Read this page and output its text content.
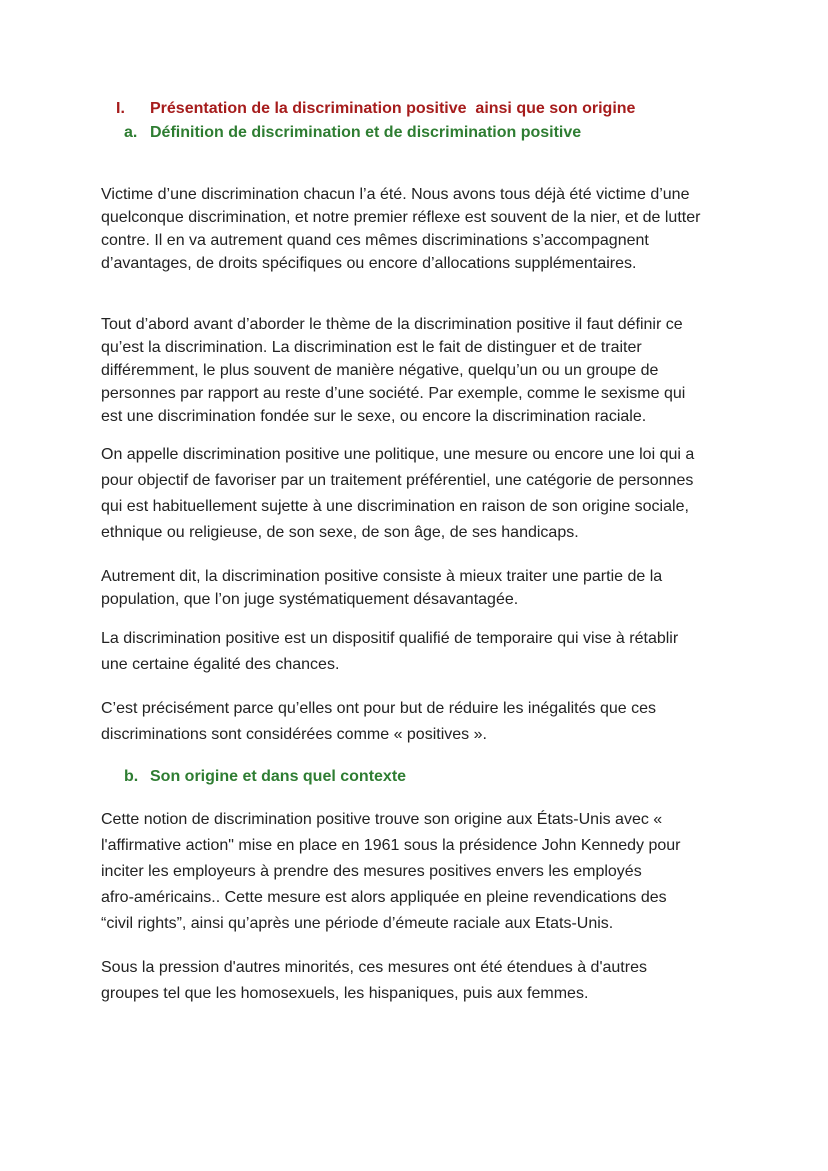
I. Présentation de la discrimination positive  ainsi que son origine
a. Définition de discrimination et de discrimination positive

Victime d’une discrimination chacun l’a été. Nous avons tous déjà été victime d’une
quelconque discrimination, et notre premier réflexe est souvent de la nier, et de lutter
contre. Il en va autrement quand ces mêmes discriminations s’accompagnent
d’avantages, de droits spécifiques ou encore d’allocations supplémentaires.

Tout d’abord avant d’aborder le thème de la discrimination positive il faut définir ce
qu’est la discrimination. La discrimination est le fait de distinguer et de traiter
différemment, le plus souvent de manière négative, quelqu’un ou un groupe de
personnes par rapport au reste d’une société. Par exemple, comme le sexisme qui
est une discrimination fondée sur le sexe, ou encore la discrimination raciale.

On appelle discrimination positive une politique, une mesure ou encore une loi qui a
pour objectif de favoriser par un traitement préférentiel, une catégorie de personnes
qui est habituellement sujette à une discrimination en raison de son origine sociale,
ethnique ou religieuse, de son sexe, de son âge, de ses handicaps.

Autrement dit, la discrimination positive consiste à mieux traiter une partie de la
population, que l’on juge systématiquement désavantagée.

La discrimination positive est un dispositif qualifié de temporaire qui vise à rétablir
une certaine égalité des chances.

C’est précisément parce qu’elles ont pour but de réduire les inégalités que ces
discriminations sont considérées comme « positives ».

b. Son origine et dans quel contexte

Cette notion de discrimination positive trouve son origine aux États-Unis avec «
l'affirmative action" mise en place en 1961 sous la présidence John Kennedy pour
inciter les employeurs à prendre des mesures positives envers les employés
afro-américains.. Cette mesure est alors appliquée en pleine revendications des
“civil rights”, ainsi qu’après une période d’émeute raciale aux Etats-Unis.

Sous la pression d'autres minorités, ces mesures ont été étendues à d'autres
groupes tel que les homosexuels, les hispaniques, puis aux femmes.
